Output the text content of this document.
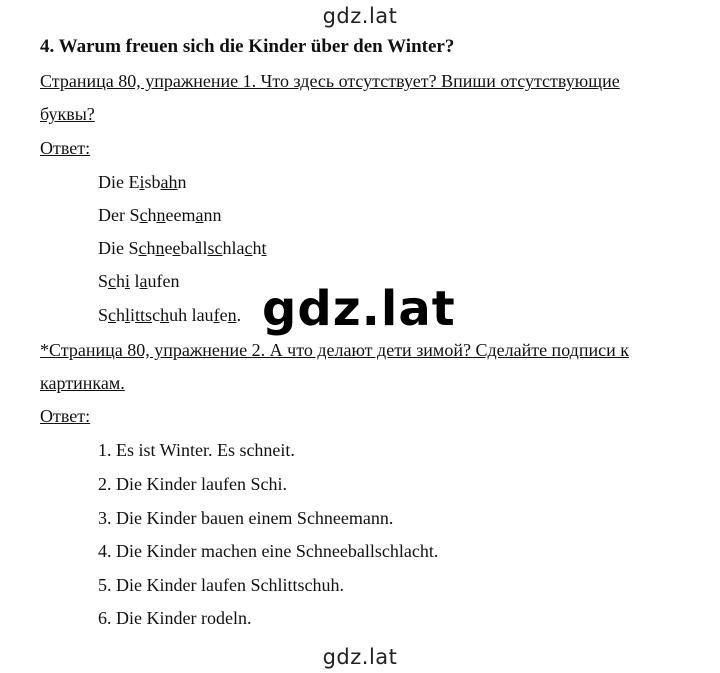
gdz.lat
4. Warum freuen sich die Kinder über den Winter?
Страница 80, упражнение 1. Что здесь отсутствует? Впиши отсутствующие
буквы?
Ответ:
Die Eisbahn
Der Schneemann
Die Schneeballschlacht
Schi laufen
Schlittschuh laufen. gdz.lat
*Страница 80, упражнение 2. А что делают дети зимой? Сделайте подписи к
картинкам.
Ответ:
1. Es ist Winter. Es schneit.
2. Die Kinder laufen Schi.
3. Die Kinder bauen einem Schneemann.
4. Die Kinder machen eine Schneeballschlacht.
5. Die Kinder laufen Schlittschuh.
6. Die Kinder rodeln.
gdz.lat
